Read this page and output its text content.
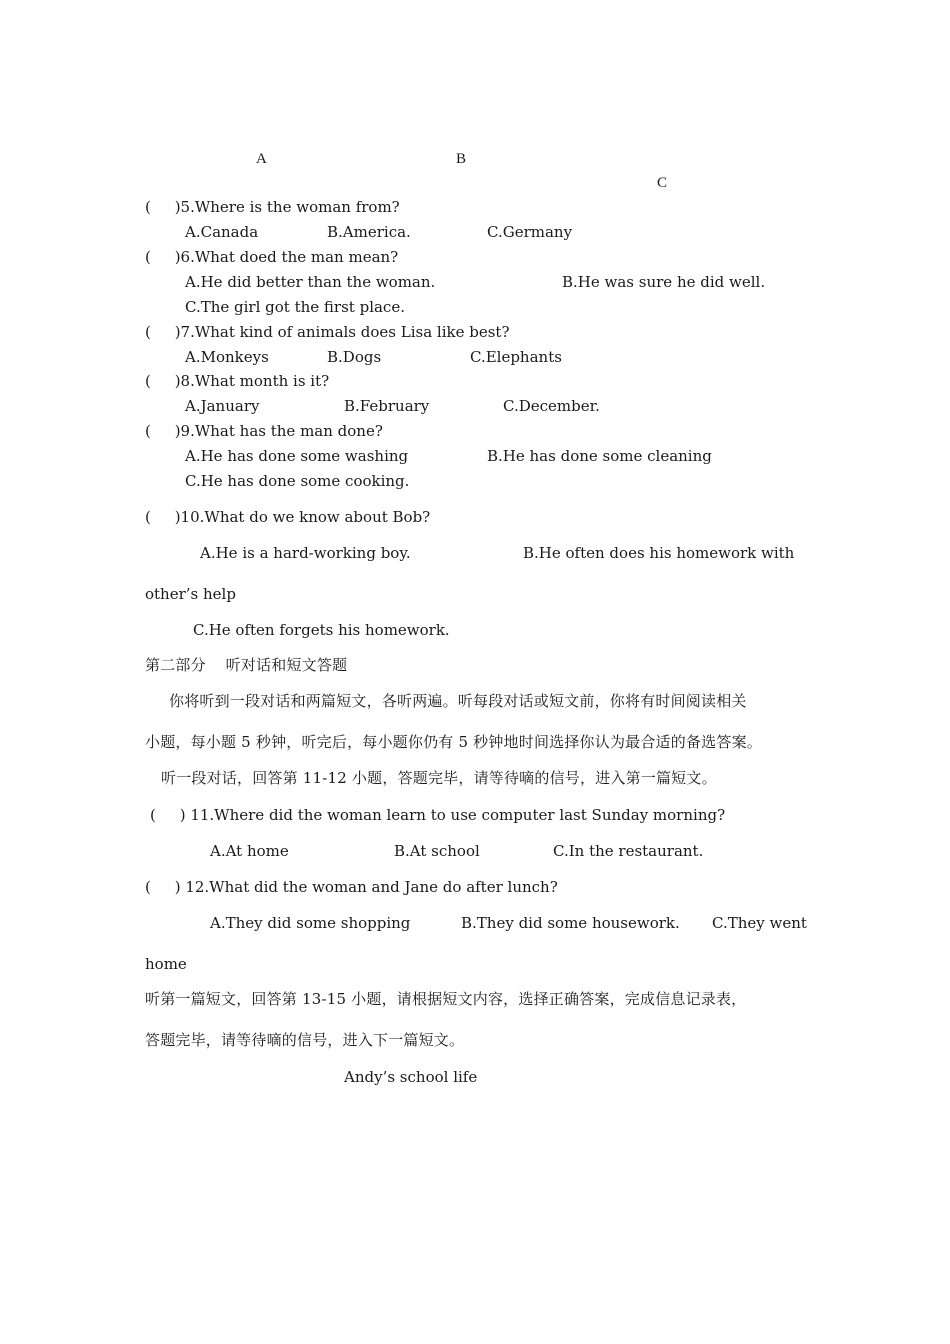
A	B
C
(     )5.Where is the woman from?
A.Canada	B.America.	C.Germany
(     )6.What doed the man mean?
A.He did better than the woman.	B.He was sure he did well.
C.The girl got the first place.
(     )7.What kind of animals does Lisa like best?
A.Monkeys	B.Dogs	C.Elephants
(     )8.What month is it?
A.January	B.February	C.December.
(     )9.What has the man done?
A.He has done some washing	B.He has done some cleaning
C.He has done some cooking.
(     )10.What do we know about Bob?
A.He is a hard-working boy.	B.He often does his homework with
other’s help
C.He often forgets his homework.
第二部分    听对话和短文答题
你将听到一段对话和两篇短文，各听两遍。听每段对话或短文前，你将有时间阅读相关
小题，每小题 5 秒钟，听完后，每小题你仍有 5 秒钟地时间选择你认为最合适的备选答案。
听一段对话，回答第 11-12 小题，答题完毕，请等待嘀的信号，进入第一篇短文。
(     ) 11.Where did the woman learn to use computer last Sunday morning?
A.At home	B.At school	C.In the restaurant.
(     ) 12.What did the woman and Jane do after lunch?
A.They did some shopping	B.They did some housework. C.They went
home
听第一篇短文，回答第 13-15 小题，请根据短文内容，选择正确答案，完成信息记录表，
答题完毕，请等待嘀的信号，进入下一篇短文。
Andy’s school life
